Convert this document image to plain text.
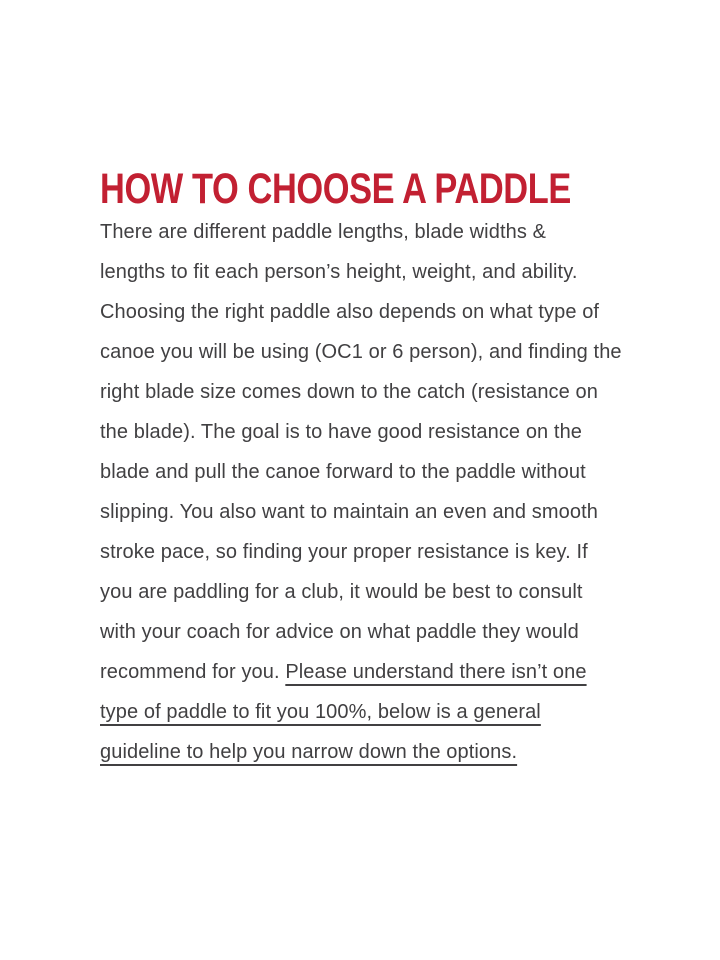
HOW TO CHOOSE A PADDLE
There are different paddle lengths, blade widths &
lengths to fit each person’s height, weight, and ability.
Choosing the right paddle also depends on what type of
canoe you will be using (OC1 or 6 person), and finding the
right blade size comes down to the catch (resistance on
the blade). The goal is to have good resistance on the
blade and pull the canoe forward to the paddle without
slipping. You also want to maintain an even and smooth
stroke pace, so finding your proper resistance is key. If
you are paddling for a club, it would be best to consult
with your coach for advice on what paddle they would
recommend for you. Please understand there isn’t one
type of paddle to fit you 100%, below is a general
guideline to help you narrow down the options.
